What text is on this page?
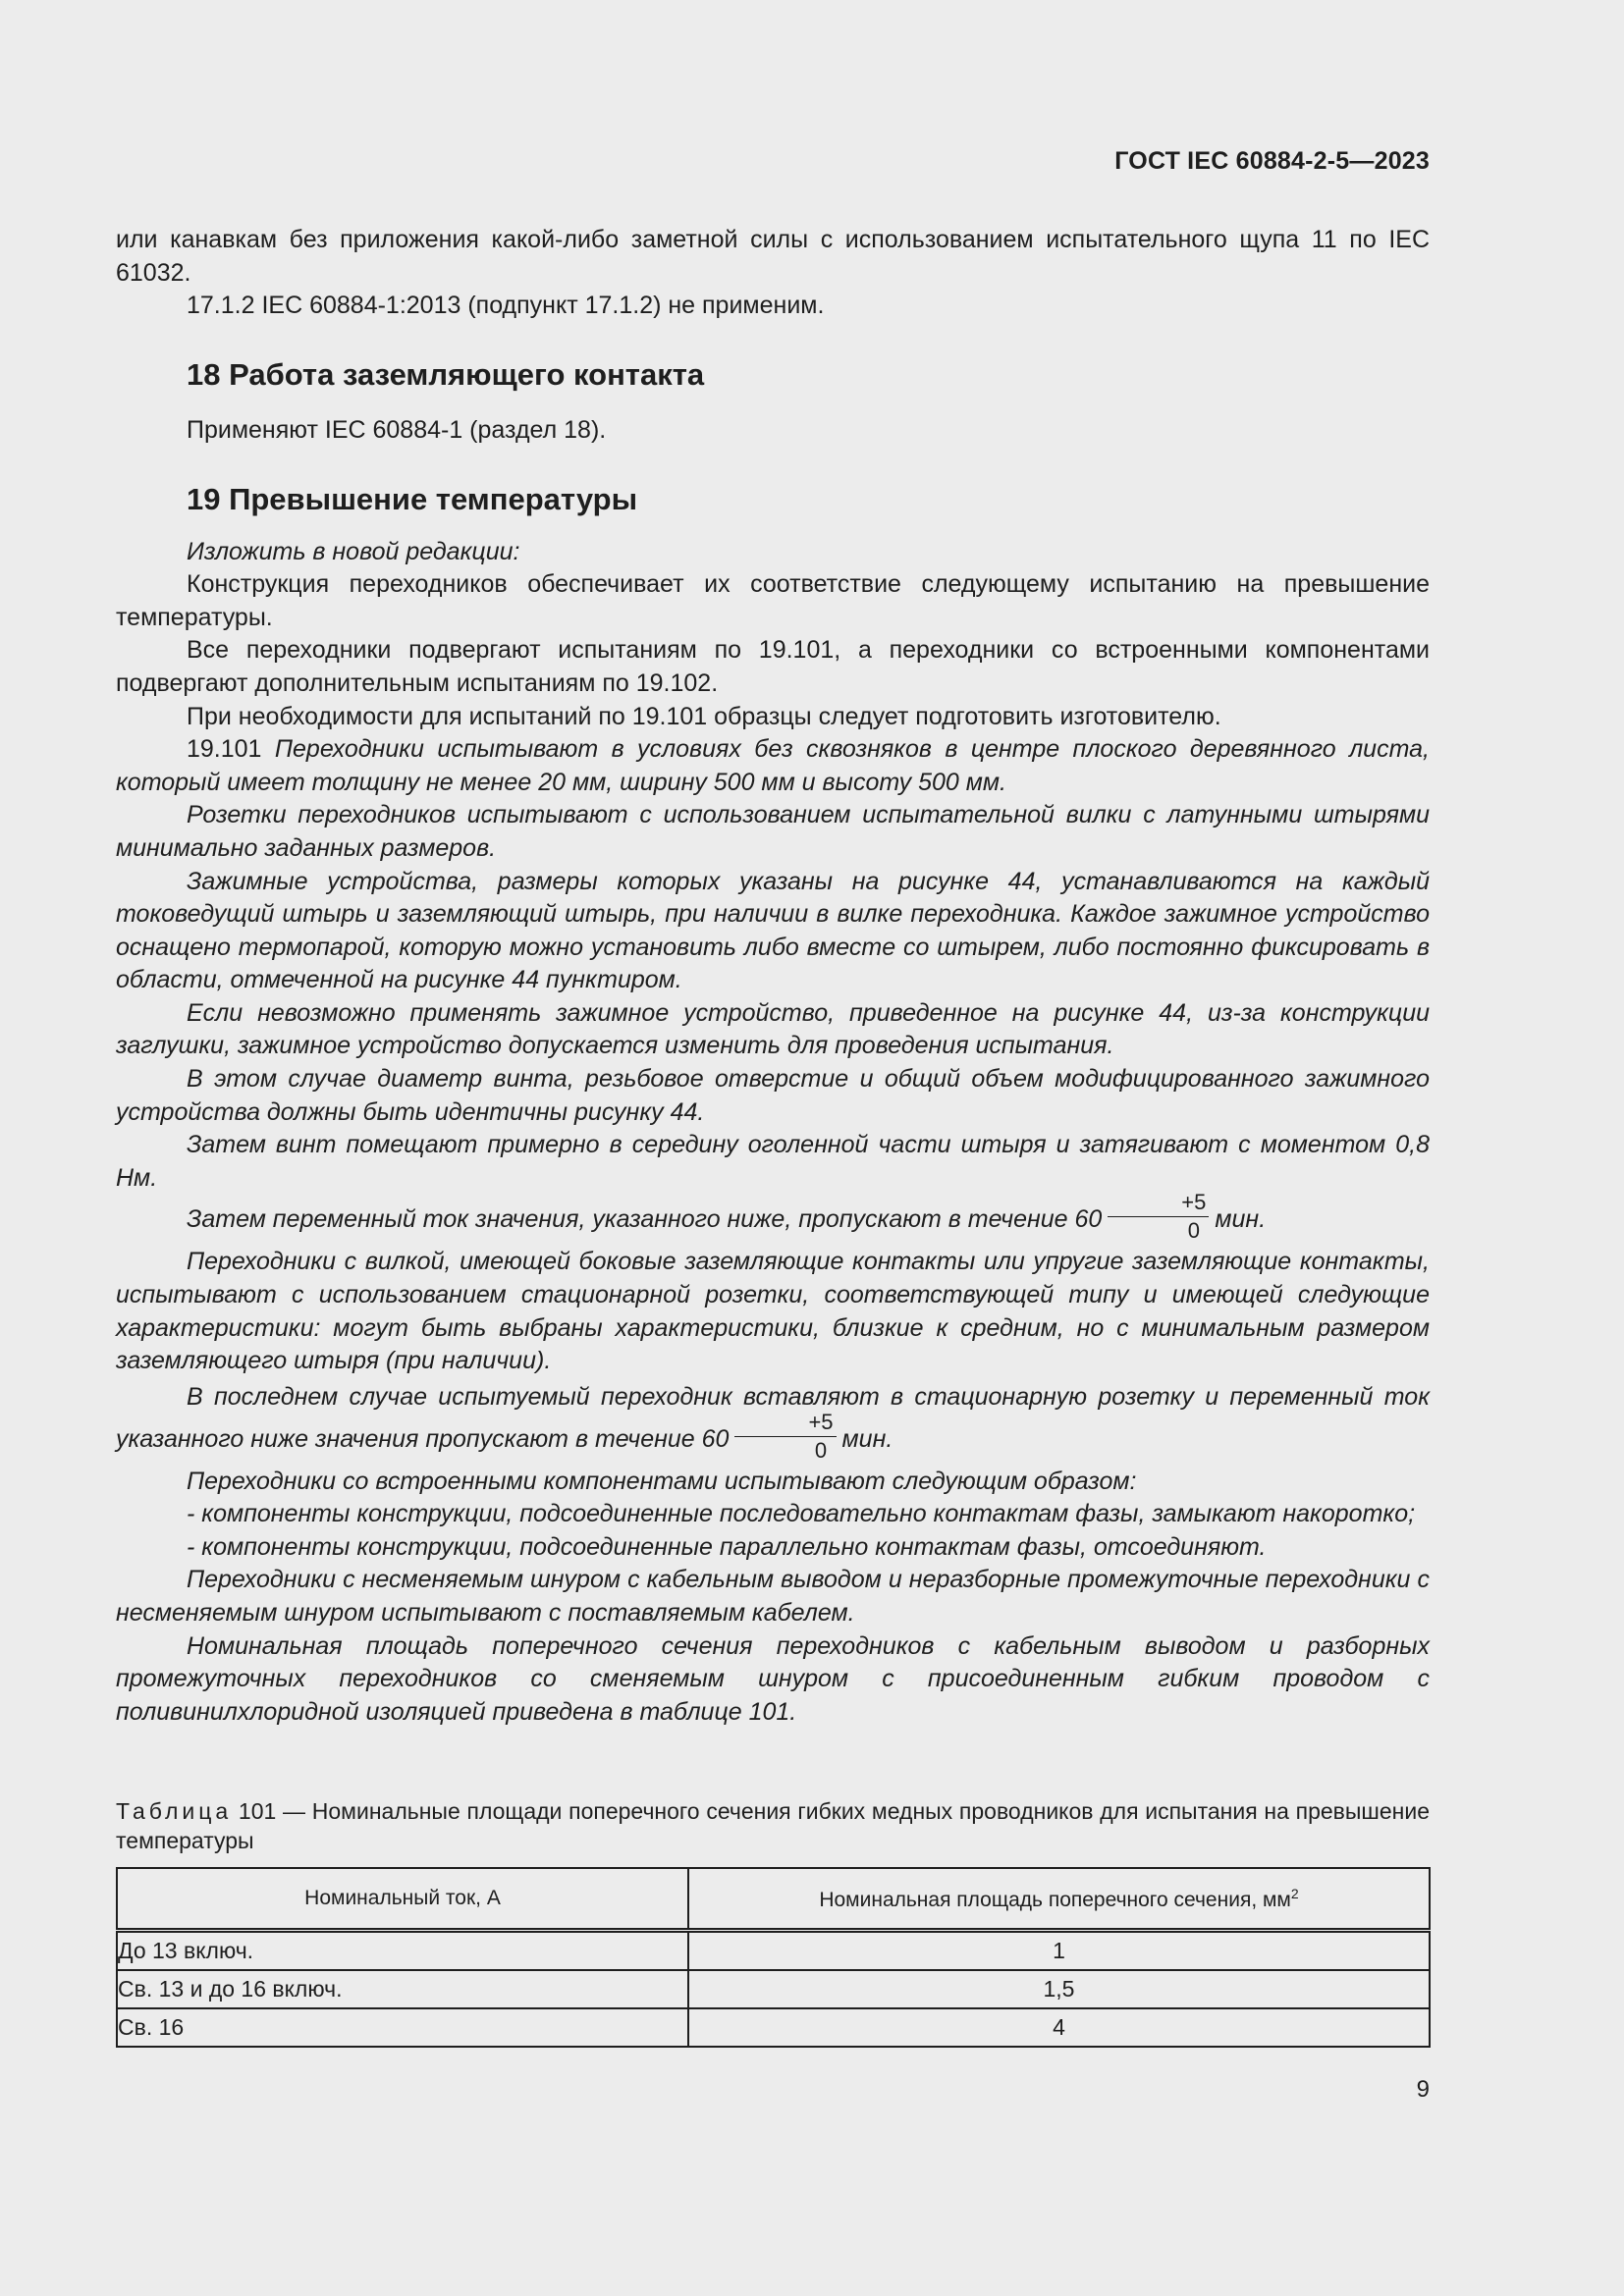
ГОСТ IEC 60884-2-5—2023

или канавкам без приложения какой-либо заметной силы с использованием испытательного щупа 11 по IEC 61032.

17.1.2 IEC 60884-1:2013 (подпункт 17.1.2) не применим.

18 Работа заземляющего контакта

Применяют IEC 60884-1 (раздел 18).

19 Превышение температуры

Изложить в новой редакции:

Конструкция переходников обеспечивает их соответствие следующему испытанию на превышение температуры.

Все переходники подвергают испытаниям по 19.101, а переходники со встроенными компонентами подвергают дополнительным испытаниям по 19.102.

При необходимости для испытаний по 19.101 образцы следует подготовить изготовителю.

19.101 Переходники испытывают в условиях без сквозняков в центре плоского деревянного листа, который имеет толщину не менее 20 мм, ширину 500 мм и высоту 500 мм.

Розетки переходников испытывают с использованием испытательной вилки с латунными штырями минимально заданных размеров.

Зажимные устройства, размеры которых указаны на рисунке 44, устанавливаются на каждый токоведущий штырь и заземляющий штырь, при наличии в вилке переходника. Каждое зажимное устройство оснащено термопарой, которую можно установить либо вместе со штырем, либо постоянно фиксировать в области, отмеченной на рисунке 44 пунктиром.

Если невозможно применять зажимное устройство, приведенное на рисунке 44, из-за конструкции заглушки, зажимное устройство допускается изменить для проведения испытания.

В этом случае диаметр винта, резьбовое отверстие и общий объем модифицированного зажимного устройства должны быть идентичны рисунку 44.

Затем винт помещают примерно в середину оголенной части штыря и затягивают с моментом 0,8 Нм.

Затем переменный ток значения, указанного ниже, пропускают в течение $60 \frac{+5}{0}$ мин.

Переходники с вилкой, имеющей боковые заземляющие контакты или упругие заземляющие контакты, испытывают с использованием стационарной розетки, соответствующей типу и имеющей следующие характеристики: могут быть выбраны характеристики, близкие к средним, но с минимальным размером заземляющего штыря (при наличии).

В последнем случае испытуемый переходник вставляют в стационарную розетку и переменный ток указанного ниже значения пропускают в течение $60 \frac{+5}{0}$ мин.

Переходники со встроенными компонентами испытывают следующим образом:

- компоненты конструкции, подсоединенные последовательно контактам фазы, замыкают накоротко;

- компоненты конструкции, подсоединенные параллельно контактам фазы, отсоединяют.

Переходники с несменяемым шнуром с кабельным выводом и неразборные промежуточные переходники с несменяемым шнуром испытывают с поставляемым кабелем.

Номинальная площадь поперечного сечения переходников с кабельным выводом и разборных промежуточных переходников со сменяемым шнуром с присоединенным гибким проводом с поливинилхлоридной изоляцией приведена в таблице 101.

Таблица 101 — Номинальные площади поперечного сечения гибких медных проводников для испытания на превышение температуры

Номинальный ток, А	Номинальная площадь поперечного сечения, $мм^2$
До 13 включ.	1
Св. 13 и до 16 включ.	1,5
Св. 16	4
9
